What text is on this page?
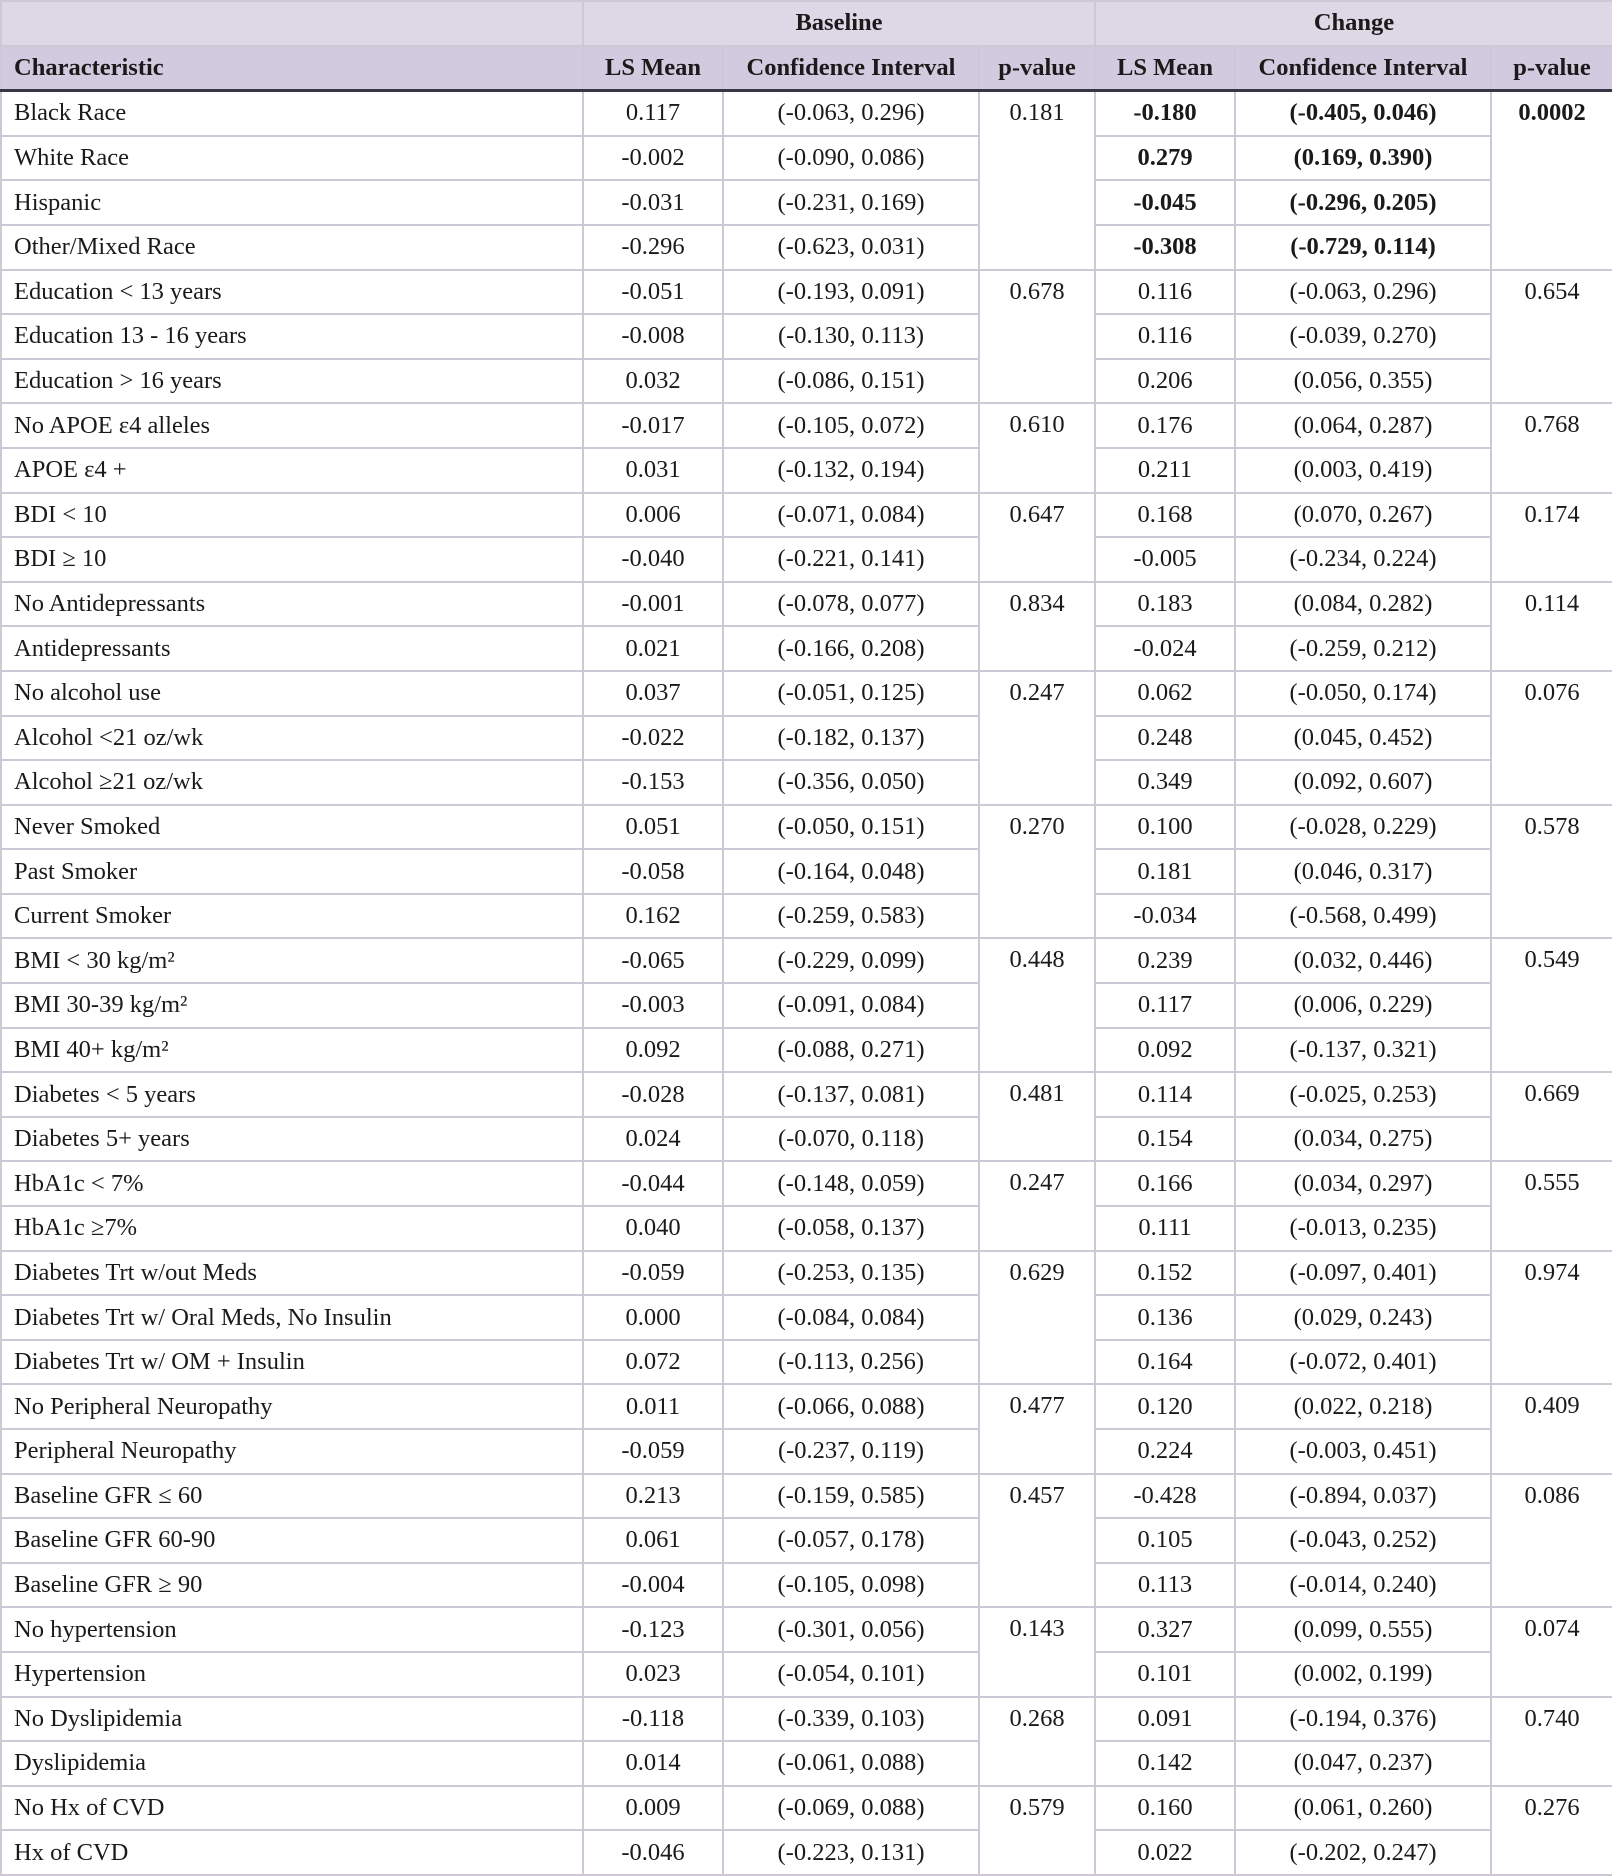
	Baseline			Change		
Characteristic	LS Mean	Confidence Interval	p-value	LS Mean	Confidence Interval	p-value
Black Race	0.117	(-0.063, 0.296)	0.181	-0.180	(-0.405, 0.046)	0.0002
White Race	-0.002	(-0.090, 0.086)		0.279	(0.169, 0.390)	
Hispanic	-0.031	(-0.231, 0.169)		-0.045	(-0.296, 0.205)	
Other/Mixed Race	-0.296	(-0.623, 0.031)		-0.308	(-0.729, 0.114)	
Education < 13 years	-0.051	(-0.193, 0.091)	0.678	0.116	(-0.063, 0.296)	0.654
Education 13 - 16 years	-0.008	(-0.130, 0.113)		0.116	(-0.039, 0.270)	
Education > 16 years	0.032	(-0.086, 0.151)		0.206	(0.056, 0.355)	
No APOE ε4 alleles	-0.017	(-0.105, 0.072)	0.610	0.176	(0.064, 0.287)	0.768
APOE ε4 +	0.031	(-0.132, 0.194)		0.211	(0.003, 0.419)	
BDI < 10	0.006	(-0.071, 0.084)	0.647	0.168	(0.070, 0.267)	0.174
BDI ≥ 10	-0.040	(-0.221, 0.141)		-0.005	(-0.234, 0.224)	
No Antidepressants	-0.001	(-0.078, 0.077)	0.834	0.183	(0.084, 0.282)	0.114
Antidepressants	0.021	(-0.166, 0.208)		-0.024	(-0.259, 0.212)	
No alcohol use	0.037	(-0.051, 0.125)	0.247	0.062	(-0.050, 0.174)	0.076
Alcohol <21 oz/wk	-0.022	(-0.182, 0.137)		0.248	(0.045, 0.452)	
Alcohol ≥21 oz/wk	-0.153	(-0.356, 0.050)		0.349	(0.092, 0.607)	
Never Smoked	0.051	(-0.050, 0.151)	0.270	0.100	(-0.028, 0.229)	0.578
Past Smoker	-0.058	(-0.164, 0.048)		0.181	(0.046, 0.317)	
Current Smoker	0.162	(-0.259, 0.583)		-0.034	(-0.568, 0.499)	
BMI < 30 kg/m²	-0.065	(-0.229, 0.099)	0.448	0.239	(0.032, 0.446)	0.549
BMI 30-39 kg/m²	-0.003	(-0.091, 0.084)		0.117	(0.006, 0.229)	
BMI 40+ kg/m²	0.092	(-0.088, 0.271)		0.092	(-0.137, 0.321)	
Diabetes < 5 years	-0.028	(-0.137, 0.081)	0.481	0.114	(-0.025, 0.253)	0.669
Diabetes 5+ years	0.024	(-0.070, 0.118)		0.154	(0.034, 0.275)	
HbA1c < 7%	-0.044	(-0.148, 0.059)	0.247	0.166	(0.034, 0.297)	0.555
HbA1c ≥7%	0.040	(-0.058, 0.137)		0.111	(-0.013, 0.235)	
Diabetes Trt w/out Meds	-0.059	(-0.253, 0.135)	0.629	0.152	(-0.097, 0.401)	0.974
Diabetes Trt w/ Oral Meds, No Insulin	0.000	(-0.084, 0.084)		0.136	(0.029, 0.243)	
Diabetes Trt w/ OM + Insulin	0.072	(-0.113, 0.256)		0.164	(-0.072, 0.401)	
No Peripheral Neuropathy	0.011	(-0.066, 0.088)	0.477	0.120	(0.022, 0.218)	0.409
Peripheral Neuropathy	-0.059	(-0.237, 0.119)		0.224	(-0.003, 0.451)	
Baseline GFR ≤ 60	0.213	(-0.159, 0.585)	0.457	-0.428	(-0.894, 0.037)	0.086
Baseline GFR 60-90	0.061	(-0.057, 0.178)		0.105	(-0.043, 0.252)	
Baseline GFR ≥ 90	-0.004	(-0.105, 0.098)		0.113	(-0.014, 0.240)	
No hypertension	-0.123	(-0.301, 0.056)	0.143	0.327	(0.099, 0.555)	0.074
Hypertension	0.023	(-0.054, 0.101)		0.101	(0.002, 0.199)	
No Dyslipidemia	-0.118	(-0.339, 0.103)	0.268	0.091	(-0.194, 0.376)	0.740
Dyslipidemia	0.014	(-0.061, 0.088)		0.142	(0.047, 0.237)	
No Hx of CVD	0.009	(-0.069, 0.088)	0.579	0.160	(0.061, 0.260)	0.276
Hx of CVD	-0.046	(-0.223, 0.131)		0.022	(-0.202, 0.247)	
